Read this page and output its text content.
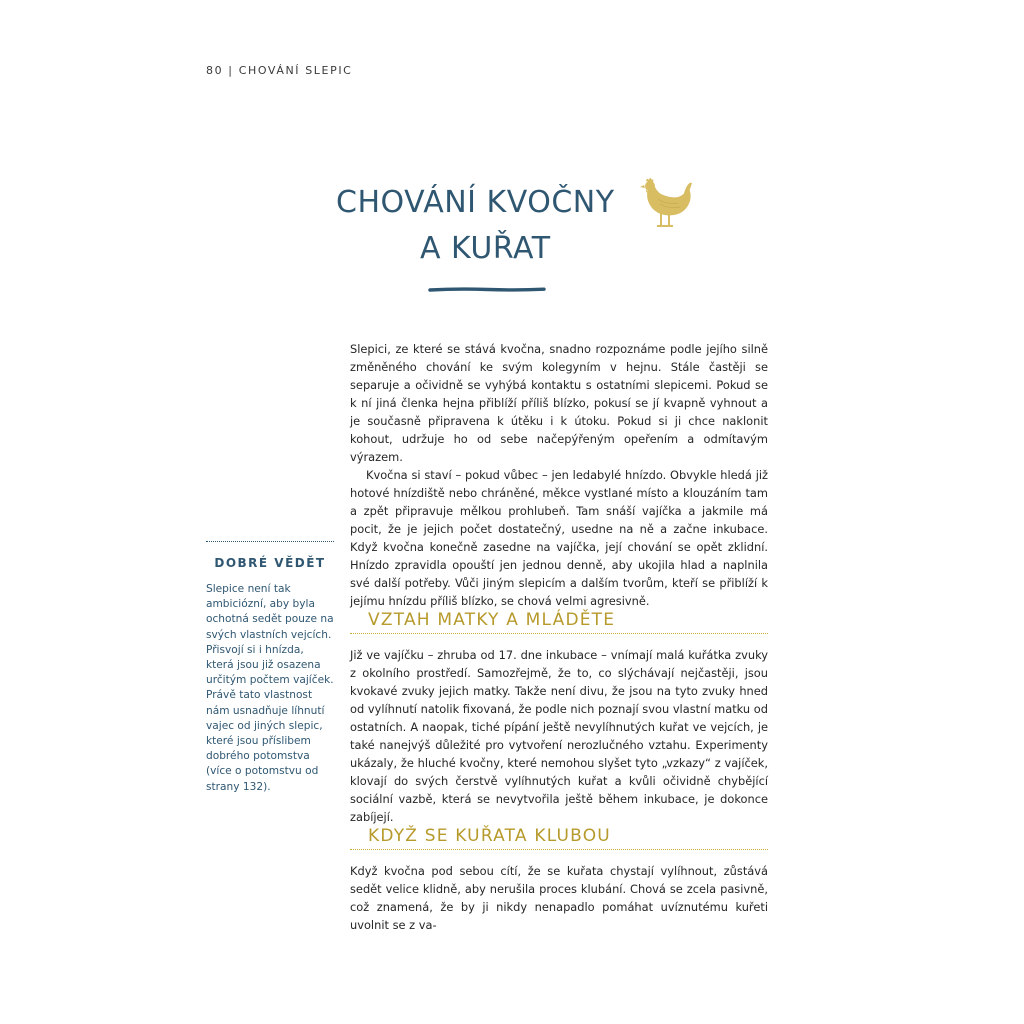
80 | CHOVÁNÍ SLEPIC
CHOVÁNÍ KVOČNY
A KUŘAT

Slepici, ze které se stává kvočna, snadno rozpoznáme podle jejího silně změněného chování ke svým kolegyním v hejnu. Stále častěji se separuje a očividně se vyhýbá kontaktu s ostatními slepicemi. Pokud se k ní jiná členka hejna přiblíží příliš blízko, pokusí se jí kvapně vyhnout a je současně připravena k útěku i k útoku. Pokud si ji chce naklonit kohout, udržuje ho od sebe načepýřeným opeřením a odmítavým výrazem.

Kvočna si staví – pokud vůbec – jen ledabylé hnízdo. Obvykle hledá již hotové hnízdiště nebo chráněné, měkce vystlané místo a klouzáním tam a zpět připravuje mělkou prohlubeň. Tam snáší vajíčka a jakmile má pocit, že je jejich počet dostatečný, usedne na ně a začne inkubace. Když kvočna konečně zasedne na vajíčka, její chování se opět zklidní. Hnízdo zpravidla opouští jen jednou denně, aby ukojila hlad a naplnila své další potřeby. Vůči jiným slepicím a dalším tvorům, kteří se přiblíží k jejímu hnízdu příliš blízko, se chová velmi agresivně.

VZTAH MATKY A MLÁDĚTE

Již ve vajíčku – zhruba od 17. dne inkubace – vnímají malá kuřátka zvuky z okolního prostředí. Samozřejmě, že to, co slýchávají nejčastěji, jsou kvokavé zvuky jejich matky. Takže není divu, že jsou na tyto zvuky hned od vylíhnutí natolik fixovaná, že podle nich poznají svou vlastní matku od ostatních. A naopak, tiché pípání ještě nevylíhnutých kuřat ve vejcích, je také nanejvýš důležité pro vytvoření nerozlučného vztahu. Experimenty ukázaly, že hluché kvočny, které nemohou slyšet tyto „vzkazy“ z vajíček, klovají do svých čerstvě vylíhnutých kuřat a kvůli očividně chybějící sociální vazbě, která se nevytvořila ještě během inkubace, je dokonce zabíjejí.

KDYŽ SE KUŘATA KLUBOU

Když kvočna pod sebou cítí, že se kuřata chystají vylíhnout, zůstává sedět velice klidně, aby nerušila proces klubání. Chová se zcela pasivně, což znamená, že by ji nikdy nenapadlo pomáhat uvíznutému kuřeti uvolnit se z va-

DOBRÉ VĚDĚT
Slepice není tak ambiciózní, aby byla ochotná sedět pouze na svých vlastních vejcích. Přisvojí si i hnízda, která jsou již osazena určitým počtem vajíček. Právě tato vlastnost nám usnadňuje líhnutí vajec od jiných slepic, které jsou příslibem dobrého potomstva (více o potomstvu od strany 132).
